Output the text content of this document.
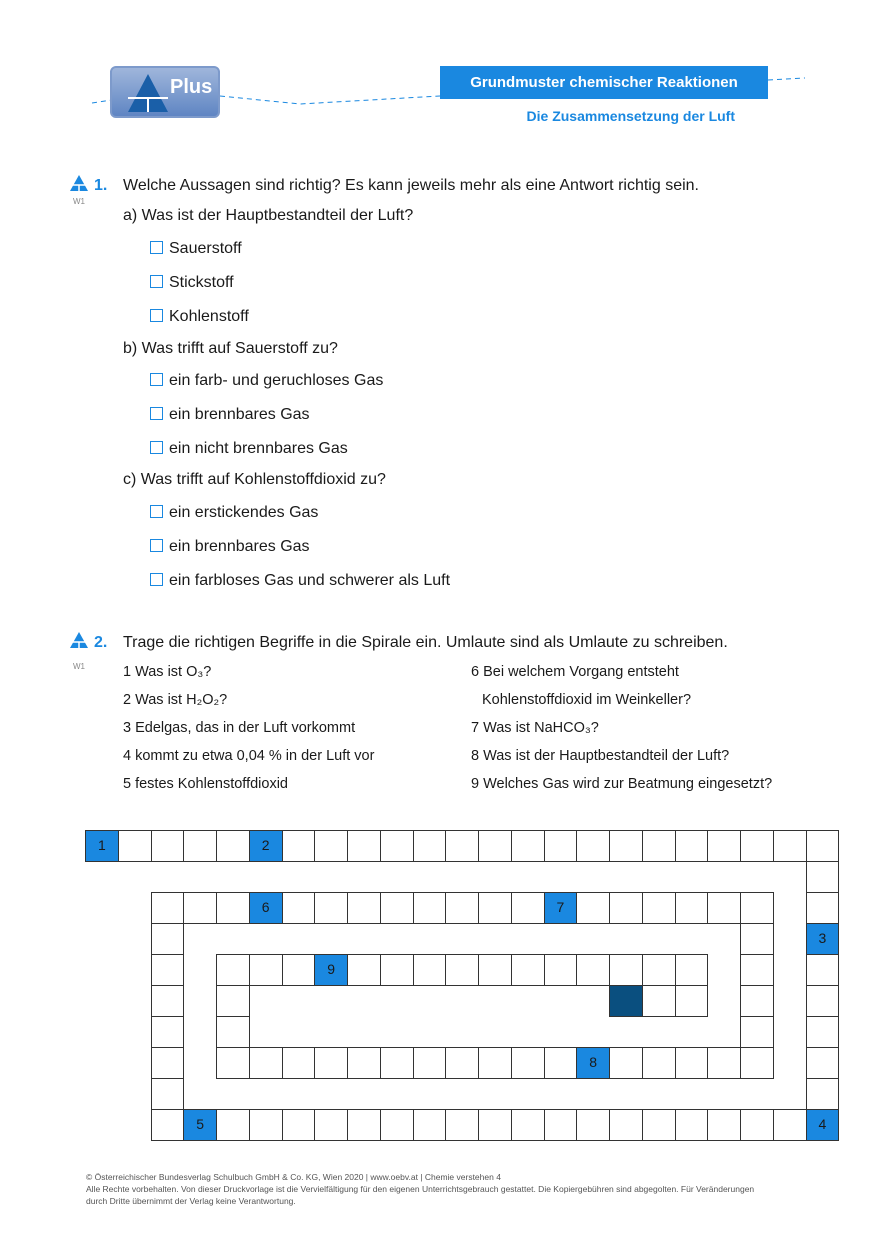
Plus	Grundmuster chemischer Reaktionen
Die Zusammensetzung der Luft
1.
W1
Welche Aussagen sind richtig? Es kann jeweils mehr als eine Antwort richtig sein.
a) Was ist der Hauptbestandteil der Luft?
Sauerstoff
Stickstoff
Kohlenstoff
b) Was trifft auf Sauerstoff zu?
ein farb- und geruchloses Gas
ein brennbares Gas
ein nicht brennbares Gas
c) Was trifft auf Kohlenstoffdioxid zu?
ein erstickendes Gas
ein brennbares Gas
ein farbloses Gas und schwerer als Luft
2.
W1
Trage die richtigen Begriffe in die Spirale ein. Umlaute sind als Umlaute zu schreiben.
1 Was ist O₃?
2 Was ist H₂O₂?
3 Edelgas, das in der Luft vorkommt
4 kommt zu etwa 0,04 % in der Luft vor
5 festes Kohlenstoffdioxid
6 Bei welchem Vorgang entsteht
Kohlenstoffdioxid im Weinkeller?
7 Was ist NaHCO₃?
8 Was ist der Hauptbestandteil der Luft?
9 Welches Gas wird zur Beatmung eingesetzt?
1	2
3
4
5
6	7
8
9
© Österreichischer Bundesverlag Schulbuch GmbH & Co. KG, Wien 2020 | www.oebv.at | Chemie verstehen 4
Alle Rechte vorbehalten. Von dieser Druckvorlage ist die Vervielfältigung für den eigenen Unterrichtsgebrauch gestattet. Die Kopiergebühren sind abgegolten. Für Veränderungen
durch Dritte übernimmt der Verlag keine Verantwortung.
